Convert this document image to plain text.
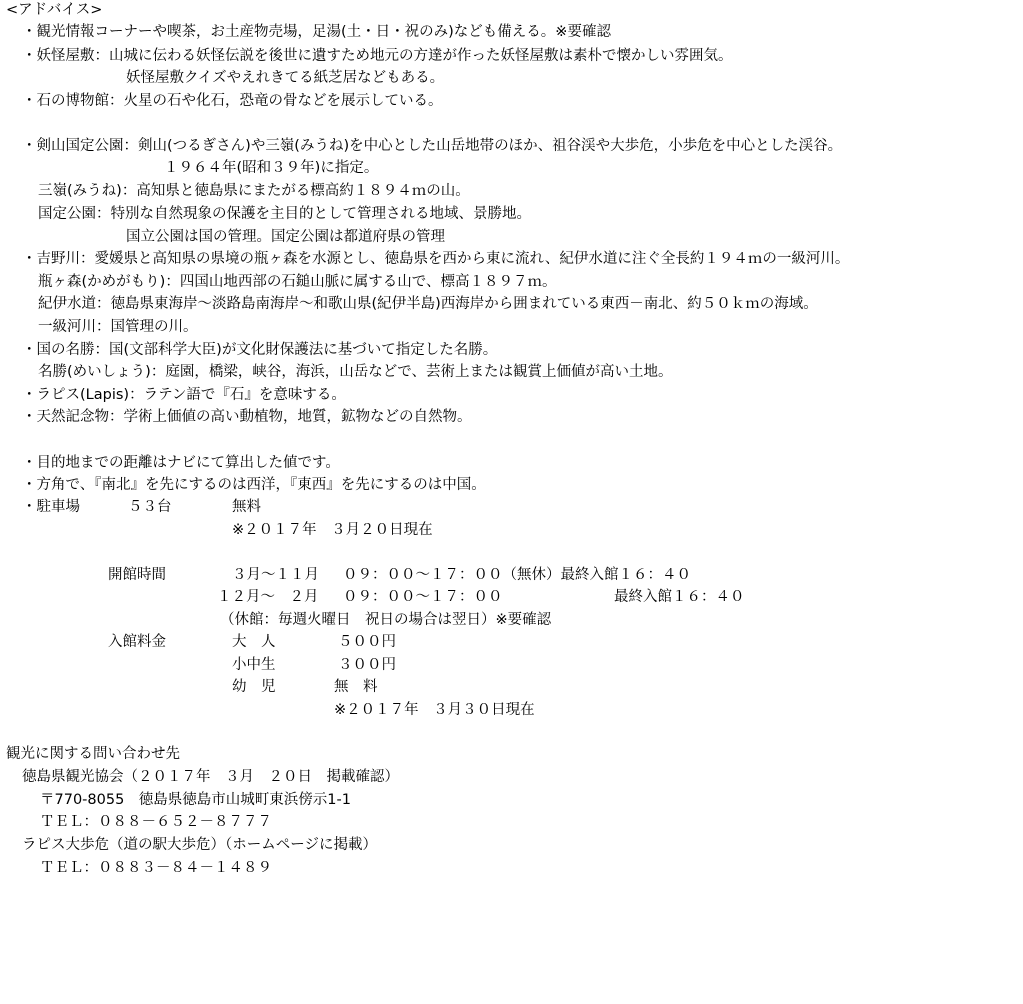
<アドバイス>
・観光情報コーナーや喫茶，お土産物売場，足湯(土・日・祝のみ)なども備える。※要確認
・妖怪屋敷：山城に伝わる妖怪伝説を後世に遺すため地元の方達が作った妖怪屋敷は素朴で懐かしい雰囲気。
妖怪屋敷クイズやえれきてる紙芝居などもある。
・石の博物館：火星の石や化石，恐竜の骨などを展示している。
・剣山国定公園：剣山(つるぎさん)や三嶺(みうね)を中心とした山岳地帯のほか、祖谷渓や大歩危，小歩危を中心とした渓谷。
１９６４年(昭和３９年)に指定。
三嶺(みうね)：高知県と徳島県にまたがる標高約１８９４ｍの山。
国定公園：特別な自然現象の保護を主目的として管理される地域、景勝地。
国立公園は国の管理。国定公園は都道府県の管理
・吉野川：愛媛県と高知県の県境の瓶ヶ森を水源とし、徳島県を西から東に流れ、紀伊水道に注ぐ全長約１９４ｍの一級河川。
瓶ヶ森(かめがもり)：四国山地西部の石鎚山脈に属する山で、標高１８９７ｍ。
紀伊水道：徳島県東海岸～淡路島南海岸～和歌山県(紀伊半島)西海岸から囲まれている東西－南北、約５０ｋｍの海域。
一級河川：国管理の川。
・国の名勝：国(文部科学大臣)が文化財保護法に基づいて指定した名勝。
名勝(めいしょう)：庭園，橋梁，峡谷，海浜，山岳などで、芸術上または観賞上価値が高い土地。
・ラピス(Lapis)：ラテン語で『石』を意味する。
・天然記念物：学術上価値の高い動植物，地質，鉱物などの自然物。
・目的地までの距離はナビにて算出した値です。
・方角で、『南北』を先にするのは西洋，『東西』を先にするのは中国。
・駐車場	５３台	無料
※２０１７年　３月２０日現在
開館時間	３月～１１月 ０９：００～１７：００（無休）最終入館１６：４０
１２月～　２月 ０９：００～１７：００	最終入館１６：４０
（休館：毎週火曜日　祝日の場合は翌日）※要確認
入館料金	大　人	５００円
小中生	３００円
幼　児	無　料
※２０１７年　３月３０日現在
観光に関する問い合わせ先
徳島県観光協会（２０１７年　３月　２０日　掲載確認）
〒770-8055　徳島県徳島市山城町東浜傍示1-1
ＴＥＬ：０８８－６５２－８７７７
ラピス大歩危（道の駅大歩危）（ホームページに掲載）
ＴＥＬ：０８８３－８４－１４８９
